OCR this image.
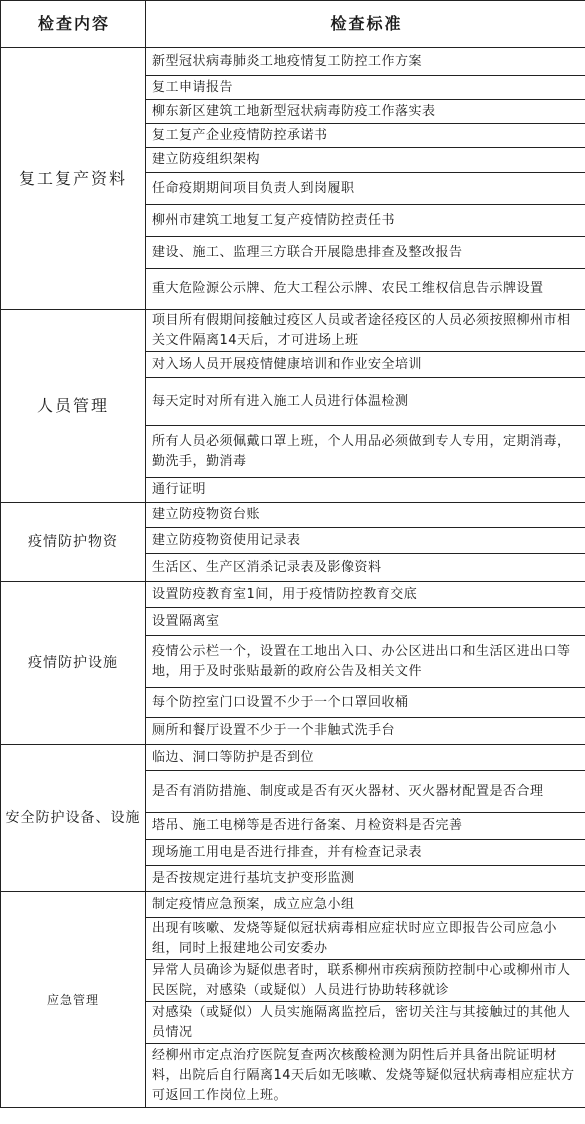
检查内容	检查标准
复工复产资料	新型冠状病毒肺炎工地疫情复工防控工作方案
	复工申请报告
	柳东新区建筑工地新型冠状病毒防疫工作落实表
	复工复产企业疫情防控承诺书
	建立防疫组织架构
	任命疫期期间项目负责人到岗履职
	柳州市建筑工地复工复产疫情防控责任书
	建设、施工、监理三方联合开展隐患排查及整改报告
	重大危险源公示牌、危大工程公示牌、农民工维权信息告示牌设置
人员管理	项目所有假期间接触过疫区人员或者途径疫区的人员必须按照柳州市相关文件隔离14天后，才可进场上班
	对入场人员开展疫情健康培训和作业安全培训
	每天定时对所有进入施工人员进行体温检测
	所有人员必须佩戴口罩上班，个人用品必须做到专人专用，定期消毒，勤洗手，勤消毒
	通行证明
疫情防护物资	建立防疫物资台账
	建立防疫物资使用记录表
	生活区、生产区消杀记录表及影像资料
疫情防护设施	设置防疫教育室1间，用于疫情防控教育交底
	设置隔离室
	疫情公示栏一个，设置在工地出入口、办公区进出口和生活区进出口等地，用于及时张贴最新的政府公告及相关文件
	每个防控室门口设置不少于一个口罩回收桶
	厕所和餐厅设置不少于一个非触式洗手台
安全防护设备、设施	临边、洞口等防护是否到位
	是否有消防措施、制度或是否有灭火器材、灭火器材配置是否合理
	塔吊、施工电梯等是否进行备案、月检资料是否完善
	现场施工用电是否进行排查，并有检查记录表
	是否按规定进行基坑支护变形监测
应急管理	制定疫情应急预案，成立应急小组
	出现有咳嗽、发烧等疑似冠状病毒相应症状时应立即报告公司应急小组，同时上报建地公司安委办
	异常人员确诊为疑似患者时，联系柳州市疾病预防控制中心或柳州市人民医院，对感染（或疑似）人员进行协助转移就诊
	对感染（或疑似）人员实施隔离监控后，密切关注与其接触过的其他人员情况
	经柳州市定点治疗医院复查两次核酸检测为阴性后并具备出院证明材料，出院后自行隔离14天后如无咳嗽、发烧等疑似冠状病毒相应症状方可返回工作岗位上班。
